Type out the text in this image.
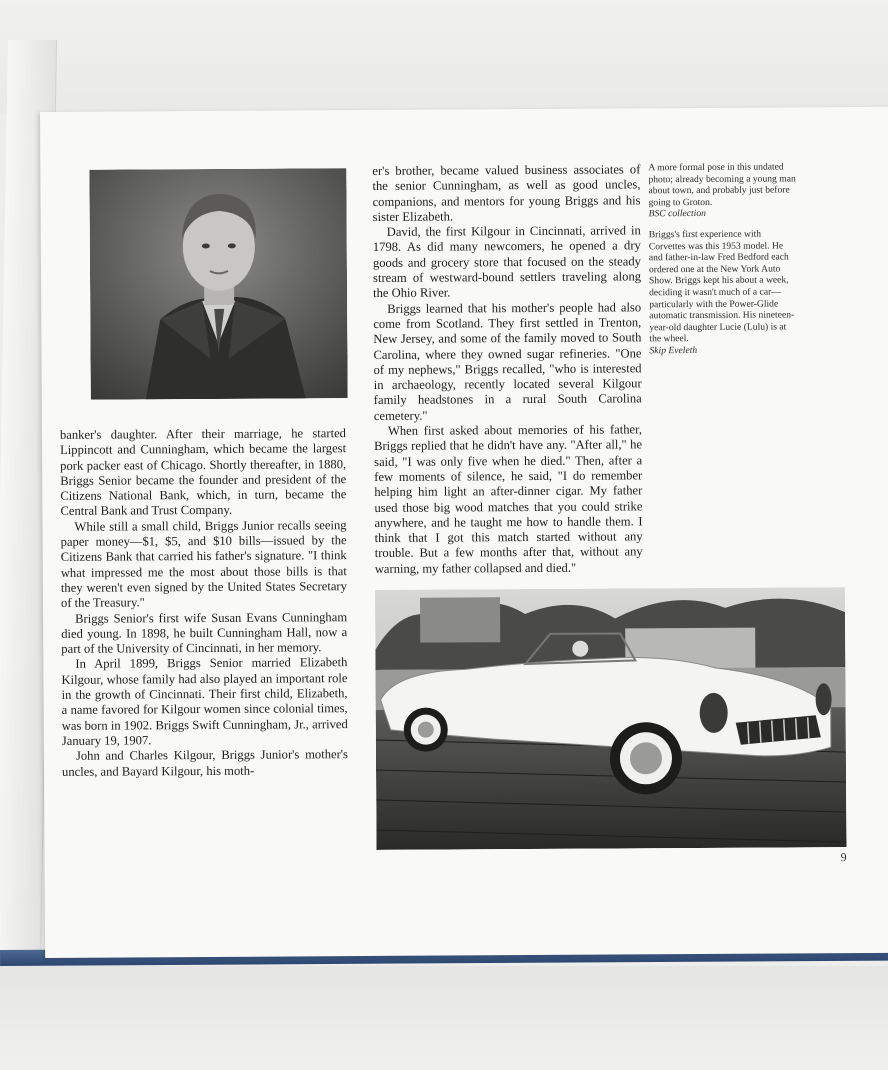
er's brother, became valued business associates of the senior Cunningham, as well as good uncles, companions, and mentors for young Briggs and his sister Elizabeth.

David, the first Kilgour in Cincinnati, arrived in 1798. As did many newcomers, he opened a dry goods and grocery store that focused on the steady stream of westward-bound settlers traveling along the Ohio River.

Briggs learned that his mother's people had also come from Scotland. They first settled in Trenton, New Jersey, and some of the family moved to South Carolina, where they owned sugar refineries. "One of my nephews," Briggs recalled, "who is interested in archaeology, recently located several Kilgour family headstones in a rural South Carolina cemetery."

When first asked about memories of his father, Briggs replied that he didn't have any. "After all," he said, "I was only five when he died." Then, after a few moments of silence, he said, "I do remember helping him light an after-dinner cigar. My father used those big wood matches that you could strike anywhere, and he taught me how to handle them. I think that I got this match started without any trouble. But a few months after that, without any warning, my father collapsed and died."

A more formal pose in this undated photo; already becoming a young man about town, and probably just before going to Groton.
BSC collection

Briggs's first experience with Corvettes was this 1953 model. He and father-in-law Fred Bedford each ordered one at the New York Auto Show. Briggs kept his about a week, deciding it wasn't much of a car—particularly with the Power-Glide automatic transmission. His nineteen-year-old daughter Lucie (Lulu) is at the wheel.
Skip Eveleth

banker's daughter. After their marriage, he started Lippincott and Cunningham, which became the largest pork packer east of Chicago. Shortly thereafter, in 1880, Briggs Senior became the founder and president of the Citizens National Bank, which, in turn, became the Central Bank and Trust Company.

While still a small child, Briggs Junior recalls seeing paper money—$1, $5, and $10 bills—issued by the Citizens Bank that carried his father's signature. "I think what impressed me the most about those bills is that they weren't even signed by the United States Secretary of the Treasury."

Briggs Senior's first wife Susan Evans Cunningham died young. In 1898, he built Cunningham Hall, now a part of the University of Cincinnati, in her memory.

In April 1899, Briggs Senior married Elizabeth Kilgour, whose family had also played an important role in the growth of Cincinnati. Their first child, Elizabeth, a name favored for Kilgour women since colonial times, was born in 1902. Briggs Swift Cunningham, Jr., arrived January 19, 1907.

John and Charles Kilgour, Briggs Junior's mother's uncles, and Bayard Kilgour, his moth-

9
